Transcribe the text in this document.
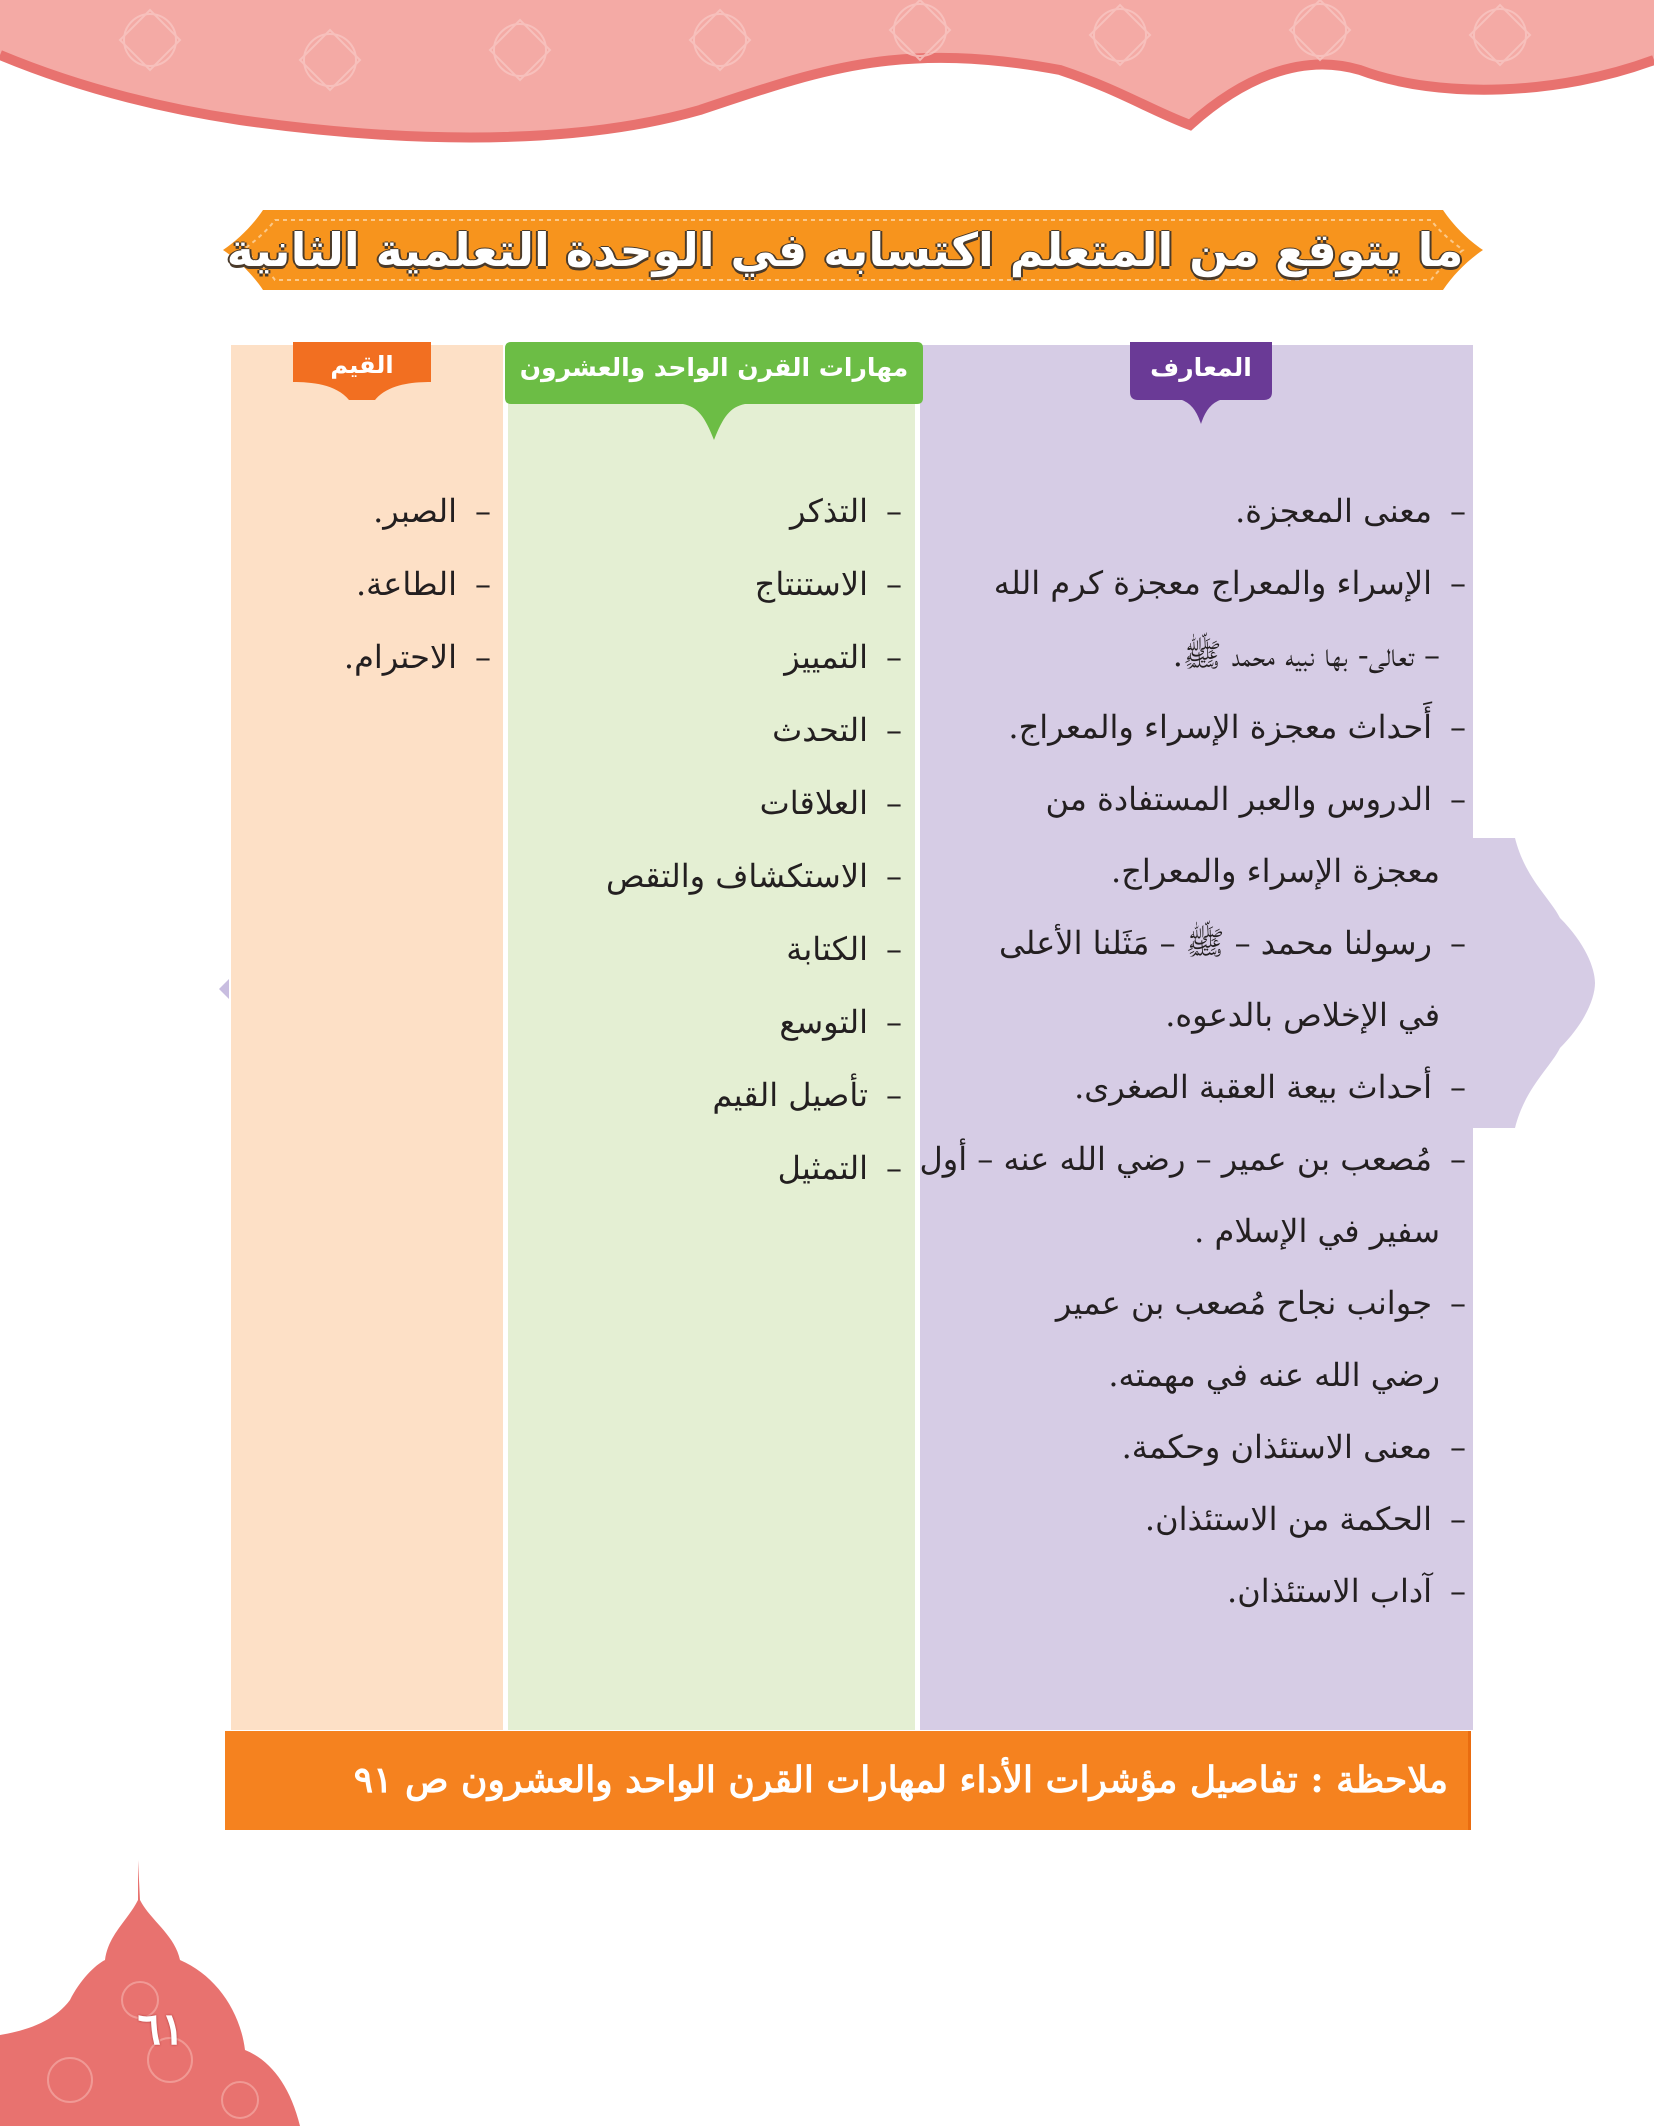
ما يتوقع من المتعلم اكتسابه في الوحدة التعلمية الثانية
القيم	مهارات القرن الواحد والعشرون	المعارف
– الصبر.
– الطاعة.
– الاحترام.
– التذكر
– الاستنتاج
– التمييز
– التحدث
– العلاقات
– الاستكشاف والتقص
– الكتابة
– التوسع
– تأصيل القيم
– التمثيل
– معنى المعجزة.
– الإسراء والمعراج معجزة كرم الله
– تعالى- بها نبيه محمد ﷺ.
– أَحداث معجزة الإسراء والمعراج.
– الدروس والعبر المستفادة من
معجزة الإسراء والمعراج.
– رسولنا محمد – ﷺ – مَثَلنا الأعلى
في الإخلاص بالدعوه.
– أحداث بيعة العقبة الصغرى.
– مُصعب بن عمير – رضي الله عنه – أول
سفير في الإسلام .
– جوانب نجاح مُصعب بن عمير
رضي الله عنه في مهمته.
– معنى الاستئذان وحكمة.
– الحكمة من الاستئذان.
– آداب الاستئذان.
ملاحظة : تفاصيل مؤشرات الأداء لمهارات القرن الواحد والعشرون ص ٩١
٦١
